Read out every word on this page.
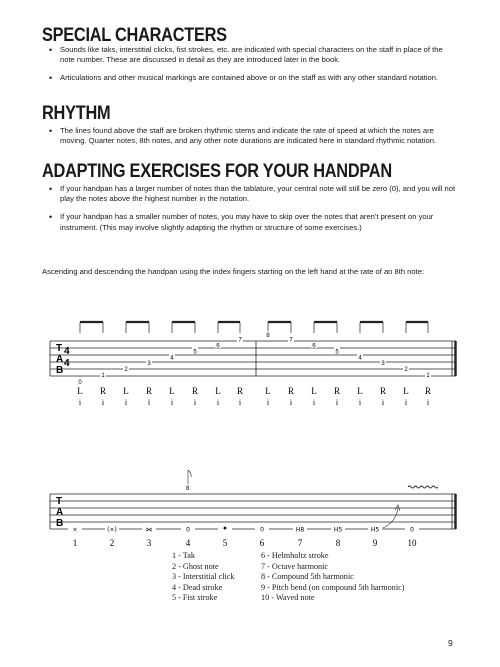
SPECIAL CHARACTERS
• Sounds like taks, interstitial clicks, fist strokes, etc. are indicated with special characters on the staff in place of the note number. These are discussed in detail as they are introduced later in the book.
• Articulations and other musical markings are contained above or on the staff as with any other standard notation.
RHYTHM
• The lines found above the staff are broken rhythmic stems and indicate the rate of speed at which the notes are moving. Quarter notes, 8th notes, and any other note durations are indicated here in standard rhythmic notation.
ADAPTING EXERCISES FOR YOUR HANDPAN
• If your handpan has a larger number of notes than the tablature, your central note will still be zero (0), and you will not play the notes above the highest number in the notation.
• If your handpan has a smaller number of notes, you may have to skip over the notes that aren't present on your instrument. (This may involve slightly adapting the rhythm or structure of some exercises.)
Ascending and descending the handpan using the index fingers starting on the left hand at the rate of an 8th note:
T
A
B
4
4
0
1
2
3
4
5
6
7
8
7
6
5
4
3
2
1
L
i
R
i
L
i
R
i
L
i
R
i
L
i
R
i
L
i
R
i
L
i
R
i
L
i
R
i
L
i
R
i
T
A
B
8
×	(×)	⋈	0	•	0	H8	H5	H5	0
1	2	3	4	5	6	7	8	9	10
1 - Tak
2 - Ghost note
3 - Interstitial click
4 - Dead stroke
5 - Fist stroke
6 - Helmholtz stroke
7 - Octave harmonic
8 - Compound 5th harmonic
9 - Pitch bend (on compound 5th harmonic)
10 - Waved note
9
